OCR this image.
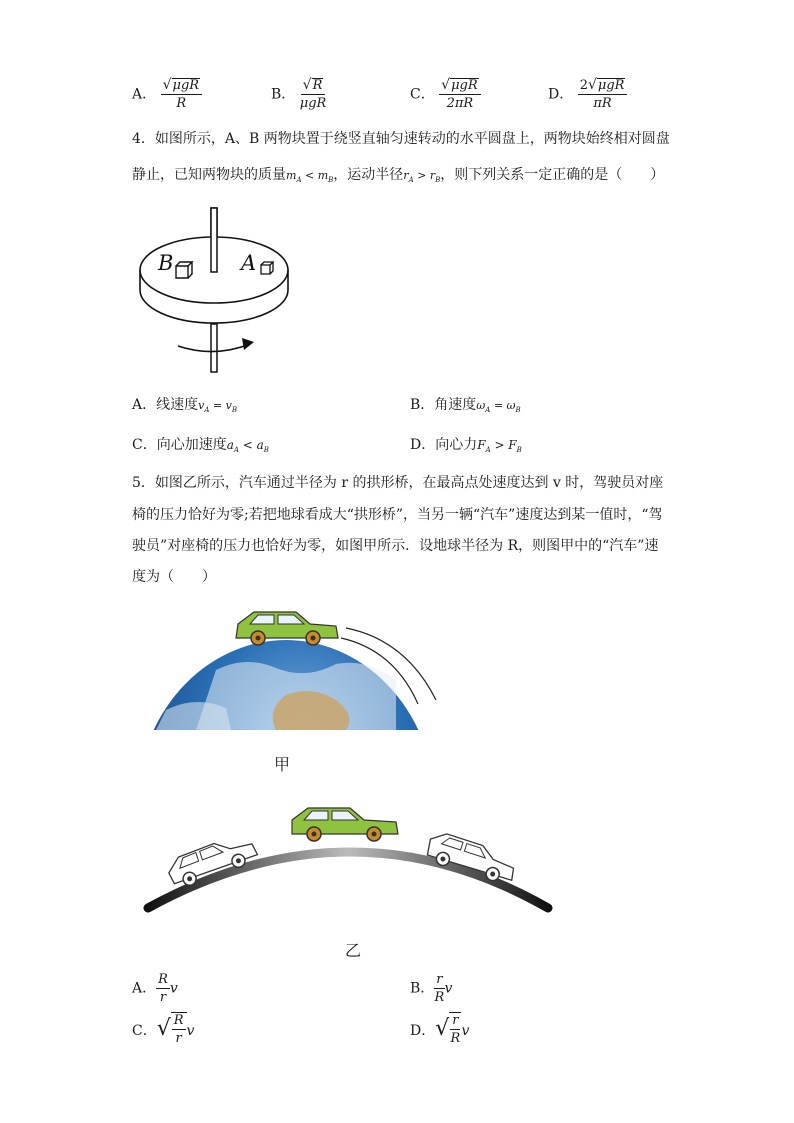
A． $\frac{\text{√ μgR}}{R}$	B． $\frac{√ R}{\text{μgR}}$	C． $\frac{\text{√ μgR}}{2\pi R}$	D． $\frac{\text{2 √ μgR}}{\pi R}$
4．如图所示，A、B 两物块置于绕竖直轴匀速转动的水平圆盘上，两物块始终相对圆盘
静止，已知两物块的质量$m_A < m_B$，运动半径$r_A > r_B$，则下列关系一定正确的是（　　）
B	A
A．线速度$v_A = v_B$	B．角速度$\omega_A = \omega_B$
C．向心加速度$a_A < a_B$	D．向心力$F_A > F_B$
5．如图乙所示，汽车通过半径为 r 的拱形桥，在最高点处速度达到 v 时，驾驶员对座
椅的压力恰好为零;若把地球看成大“拱形桥”，当另一辆“汽车”速度达到某一值时，“驾
驶员”对座椅的压力也恰好为零，如图甲所示．设地球半径为 R，则图甲中的“汽车”速
度为（　　）
甲
乙
A． $\frac{R}{r}$ v	B． $\frac{r}{R}$ v
C． √ $\frac{R}{r}$ v	D． √ $\frac{r}{R}$ v
